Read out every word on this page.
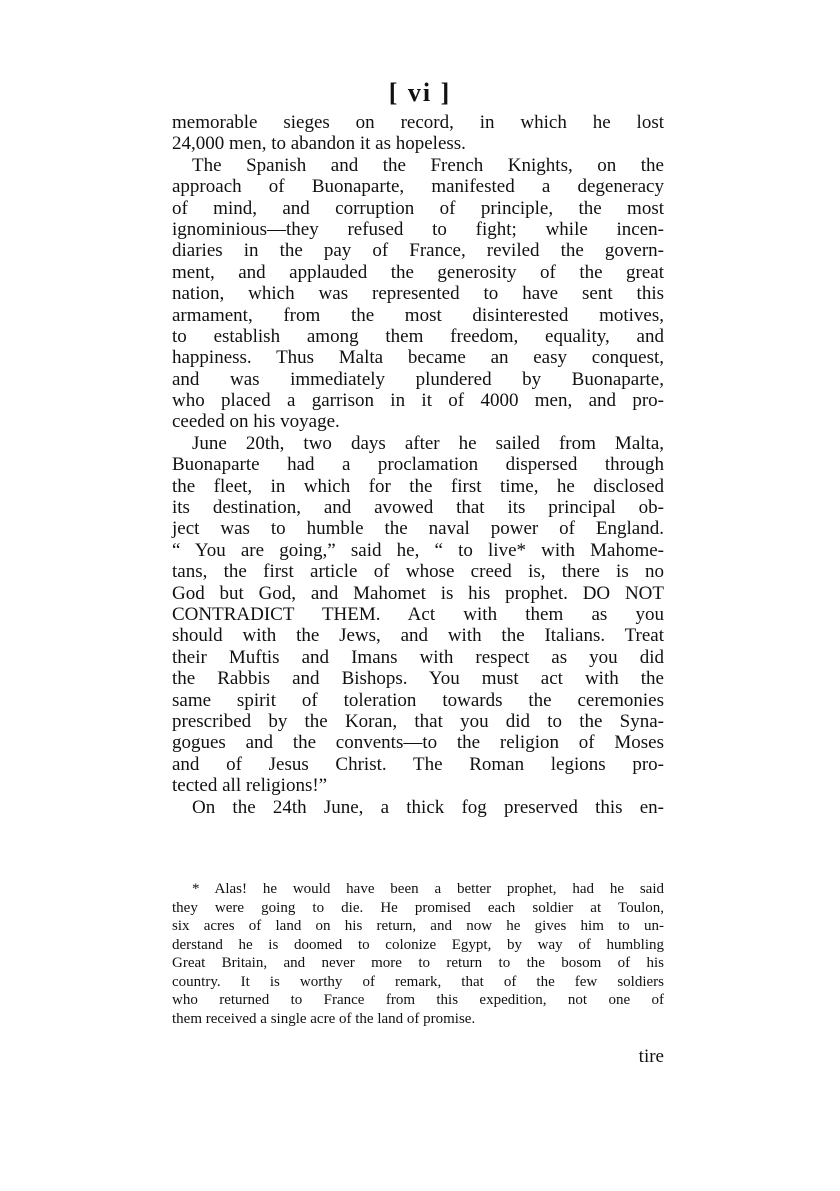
[ vi ]
memorable sieges on record, in which he lost
24,000 men, to abandon it as hopeless.
The Spanish and the French Knights, on the
approach of Buonaparte, manifested a degeneracy
of mind, and corruption of principle, the most
ignominious—they refused to fight; while incen-
diaries in the pay of France, reviled the govern-
ment, and applauded the generosity of the great
nation, which was represented to have sent this
armament, from the most disinterested motives,
to establish among them freedom, equality, and
happiness. Thus Malta became an easy conquest,
and was immediately plundered by Buonaparte,
who placed a garrison in it of 4000 men, and pro-
ceeded on his voyage.
June 20th, two days after he sailed from Malta,
Buonaparte had a proclamation dispersed through
the fleet, in which for the first time, he disclosed
its destination, and avowed that its principal ob-
ject was to humble the naval power of England.
“ You are going,” said he, “ to live* with Mahome-
tans, the first article of whose creed is, there is no
God but God, and Mahomet is his prophet. DO NOT
CONTRADICT THEM. Act with them as you
should with the Jews, and with the Italians. Treat
their Muftis and Imans with respect as you did
the Rabbis and Bishops. You must act with the
same spirit of toleration towards the ceremonies
prescribed by the Koran, that you did to the Syna-
gogues and the convents—to the religion of Moses
and of Jesus Christ. The Roman legions pro-
tected all religions!”
On the 24th June, a thick fog preserved this en-
* Alas! he would have been a better prophet, had he said
they were going to die. He promised each soldier at Toulon,
six acres of land on his return, and now he gives him to un-
derstand he is doomed to colonize Egypt, by way of humbling
Great Britain, and never more to return to the bosom of his
country. It is worthy of remark, that of the few soldiers
who returned to France from this expedition, not one of
them received a single acre of the land of promise.
tire
